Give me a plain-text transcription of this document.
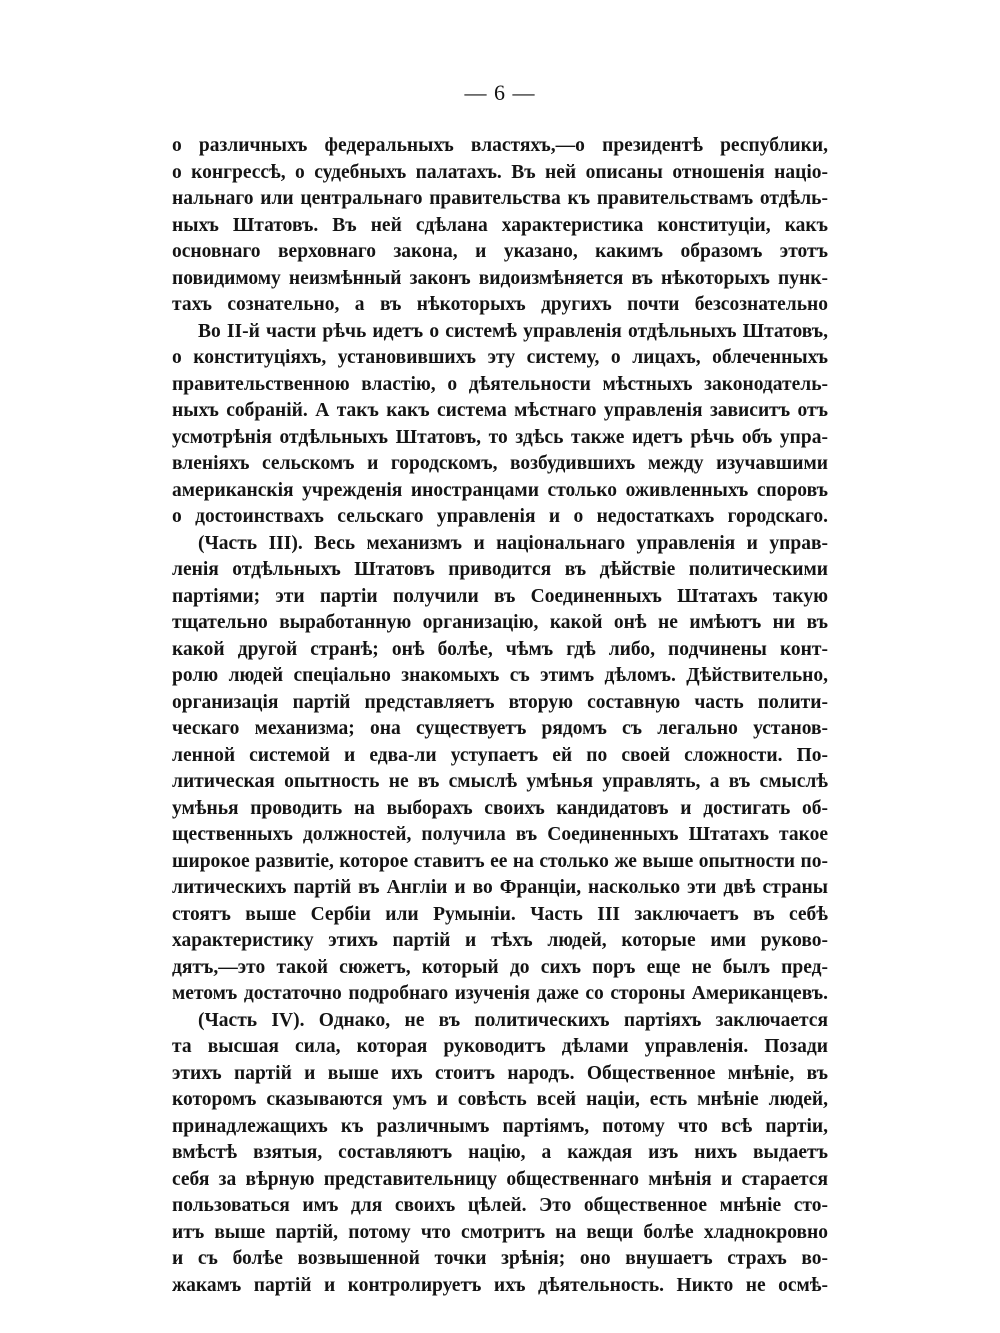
— 6 —
о различныхъ федеральныхъ властяхъ,—о президентѣ республики,
о конгрессѣ, о судебныхъ палатахъ. Въ ней описаны отношенія націо-
нальнаго или центральнаго правительства къ правительствамъ отдѣль-
ныхъ Штатовъ. Въ ней сдѣлана характеристика конституціи, какъ
основнаго верховнаго закона, и указано, какимъ образомъ этотъ
повидимому неизмѣнный законъ видоизмѣняется въ нѣкоторыхъ пунк-
тахъ сознательно, а въ нѣкоторыхъ другихъ почти безсознательно
Во II-й части рѣчь идетъ о системѣ управленія отдѣльныхъ Штатовъ,
о конституціяхъ, установившихъ эту систему, о лицахъ, облеченныхъ
правительственною властію, о дѣятельности мѣстныхъ законодатель-
ныхъ собраній. А такъ какъ система мѣстнаго управленія зависитъ отъ
усмотрѣнія отдѣльныхъ Штатовъ, то здѣсь также идетъ рѣчь объ упра-
вленіяхъ сельскомъ и городскомъ, возбудившихъ между изучавшими
американскія учрежденія иностранцами столько оживленныхъ споровъ
о достоинствахъ сельскаго управленія и о недостаткахъ городскаго.
(Часть III). Весь механизмъ и національнаго управленія и управ-
ленія отдѣльныхъ Штатовъ приводится въ дѣйствіе политическими
партіями; эти партіи получили въ Соединенныхъ Штатахъ такую
тщательно выработанную организацію, какой онѣ не имѣютъ ни въ
какой другой странѣ; онѣ болѣе, чѣмъ гдѣ либо, подчинены конт-
ролю людей спеціально знакомыхъ съ этимъ дѣломъ. Дѣйствительно,
организація партій представляетъ вторую составную часть полити-
ческаго механизма; она существуетъ рядомъ съ легально установ-
ленной системой и едва-ли уступаетъ ей по своей сложности. По-
литическая опытность не въ смыслѣ умѣнья управлять, а въ смыслѣ
умѣнья проводить на выборахъ своихъ кандидатовъ и достигать об-
щественныхъ должностей, получила въ Соединенныхъ Штатахъ такое
широкое развитіе, которое ставитъ ее на столько же выше опытности по-
литическихъ партій въ Англіи и во Франціи, насколько эти двѣ страны
стоятъ выше Сербіи или Румыніи. Часть III заключаетъ въ себѣ
характеристику этихъ партій и тѣхъ людей, которые ими руково-
дятъ,—это такой сюжетъ, который до сихъ поръ еще не былъ пред-
метомъ достаточно подробнаго изученія даже со стороны Американцевъ.
(Часть IV). Однако, не въ политическихъ партіяхъ заключается
та высшая сила, которая руководитъ дѣлами управленія. Позади
этихъ партій и выше ихъ стоитъ народъ. Общественное мнѣніе, въ
которомъ сказываются умъ и совѣсть всей націи, есть мнѣніе людей,
принадлежащихъ къ различнымъ партіямъ, потому что всѣ партіи,
вмѣстѣ взятыя, составляютъ націю, а каждая изъ нихъ выдаетъ
себя за вѣрную представительницу общественнаго мнѣнія и старается
пользоваться имъ для своихъ цѣлей. Это общественное мнѣніе сто-
итъ выше партій, потому что смотритъ на вещи болѣе хладнокровно
и съ болѣе возвышенной точки зрѣнія; оно внушаетъ страхъ во-
жакамъ партій и контролируетъ ихъ дѣятельность. Никто не осмѣ-
